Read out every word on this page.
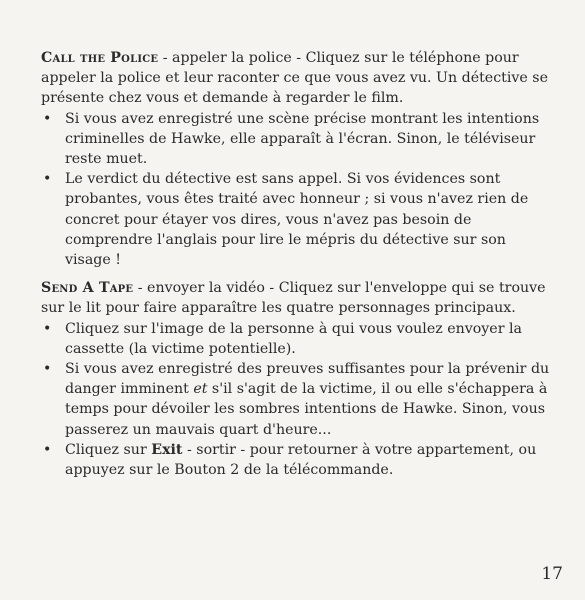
Call the Police - appeler la police - Cliquez sur le téléphone pour appeler la police et leur raconter ce que vous avez vu. Un détective se présente chez vous et demande à regarder le film.

• Si vous avez enregistré une scène précise montrant les intentions criminelles de Hawke, elle apparaît à l'écran. Sinon, le téléviseur reste muet.
• Le verdict du détective est sans appel. Si vos évidences sont probantes, vous êtes traité avec honneur ; si vous n'avez rien de concret pour étayer vos dires, vous n'avez pas besoin de comprendre l'anglais pour lire le mépris du détective sur son visage !

Send A Tape - envoyer la vidéo - Cliquez sur l'enveloppe qui se trouve sur le lit pour faire apparaître les quatre personnages principaux.

• Cliquez sur l'image de la personne à qui vous voulez envoyer la cassette (la victime potentielle).
• Si vous avez enregistré des preuves suffisantes pour la prévenir du danger imminent et s'il s'agit de la victime, il ou elle s'échappera à temps pour dévoiler les sombres intentions de Hawke. Sinon, vous passerez un mauvais quart d'heure...
• Cliquez sur Exit - sortir - pour retourner à votre appartement, ou appuyez sur le Bouton 2 de la télécommande.
17
